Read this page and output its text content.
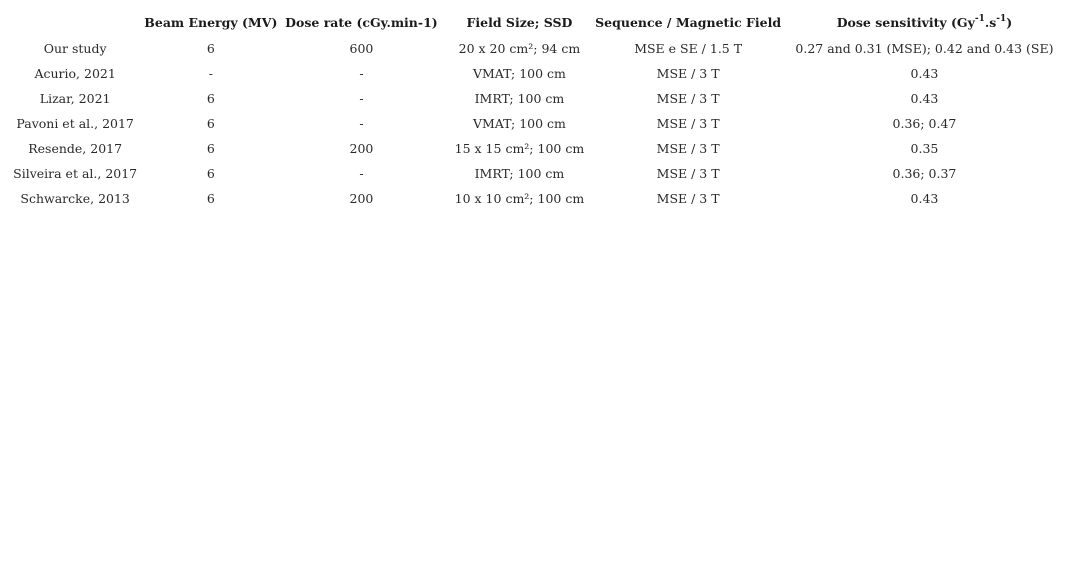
	Beam Energy (MV)	Dose rate (cGy.min-1)	Field Size; SSD	Sequence / Magnetic Field	Dose sensitivity $(Gy^{-1}.s^{-1})$
Our study	6	600	20 x 20 cm²; 94 cm	MSE e SE / 1.5 T	0.27 and 0.31 (MSE); 0.42 and 0.43 (SE)
Acurio, 2021	-	-	VMAT; 100 cm	MSE / 3 T	0.43
Lizar, 2021	6	-	IMRT; 100 cm	MSE / 3 T	0.43
Pavoni et al., 2017	6	-	VMAT; 100 cm	MSE / 3 T	0.36; 0.47
Resende, 2017	6	200	15 x 15 cm²; 100 cm	MSE / 3 T	0.35
Silveira et al., 2017	6	-	IMRT; 100 cm	MSE / 3 T	0.36; 0.37
Schwarcke, 2013	6	200	10 x 10 cm²; 100 cm	MSE / 3 T	0.43
